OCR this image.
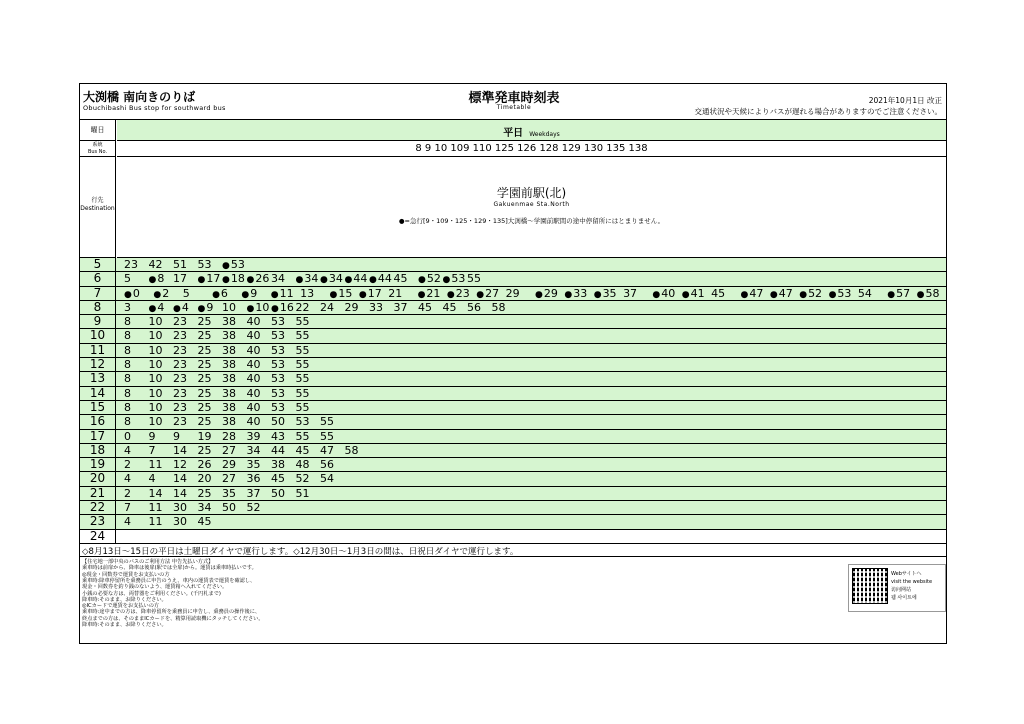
大渕橋 南向きのりば
Obuchibashi Bus stop for southward bus
標準発車時刻表
Timetable
2021年10月1日 改正
交通状況や天候によりバスが遅れる場合がありますのでご注意ください。
曜日	平日 Weekdays
系統
Bus No.	8 9 10 109 110 125 126 128 129 130 135 138
行先
Destination
学園前駅(北)
Gakuenmae Sta.North
●=急行[9・109・125・129・135]大渕橋～学園前駅間の途中停留所にはとまりません。
5	23 42 51 53 ●53
6	5 ●8 17 ●17 ●18 ●26 34 ●34 ●34 ●44 ●44 45 ●52 ●53 55
7	●0 ●2 5 ●6 ●9 ●11 13 ●15 ●17 21 ●21 ●23 ●27 29 ●29 ●33 ●35 37 ●40 ●41 45 ●47 ●47 ●52 ●53 54 ●57 ●58
8	3 ●4 ●4 ●9 10 ●10 ●16 22 24 29 33 37 45 45 56 58
9	8 10 23 25 38 40 53 55
10	8 10 23 25 38 40 53 55
11	8 10 23 25 38 40 53 55
12	8 10 23 25 38 40 53 55
13	8 10 23 25 38 40 53 55
14	8 10 23 25 38 40 53 55
15	8 10 23 25 38 40 53 55
16	8 10 23 25 38 40 50 53 55
17	0 9 9 19 28 39 43 55 55
18	4 7 14 25 27 34 44 45 47 58
19	2 11 12 26 29 35 38 48 56
20	4 4 14 20 27 36 45 52 54
21	2 14 14 25 35 37 50 51
22	7 11 30 34 50 52
23	4 11 30 45
24
◇8月13日～15日の平日は土曜日ダイヤで運行します。◇12月30日～1月3日の間は、日祝日ダイヤで運行します。
【住宅地一部中央のバスのご利用方法 申告先払い方式】
乗車時は前扉から、降車は後扉(駅では全扉)から。運賃は乗車時払いです。
◎現金・回数券で運賃をお支払いの方
乗車時:降車停留所を乗務員に申告のうえ、車内の運賃表で運賃を確認し、
現金・回数券を釣り銭のないよう、運賃箱へ入れてください。
小銭の必要な方は、両替器をご利用ください。(千円札まで)
降車時:そのまま、お降りください。
◎ICカードで運賃をお支払いの方
乗車時:途中までの方は、降車停留所を乗務員に申告し、乗務員の操作後に、
終点までの方は、そのままICカードを、精算用読取機にタッチしてください。
降車時:そのまま、お降りください。
Webサイトへ
visit the website
访问网站
웹 사이트에
